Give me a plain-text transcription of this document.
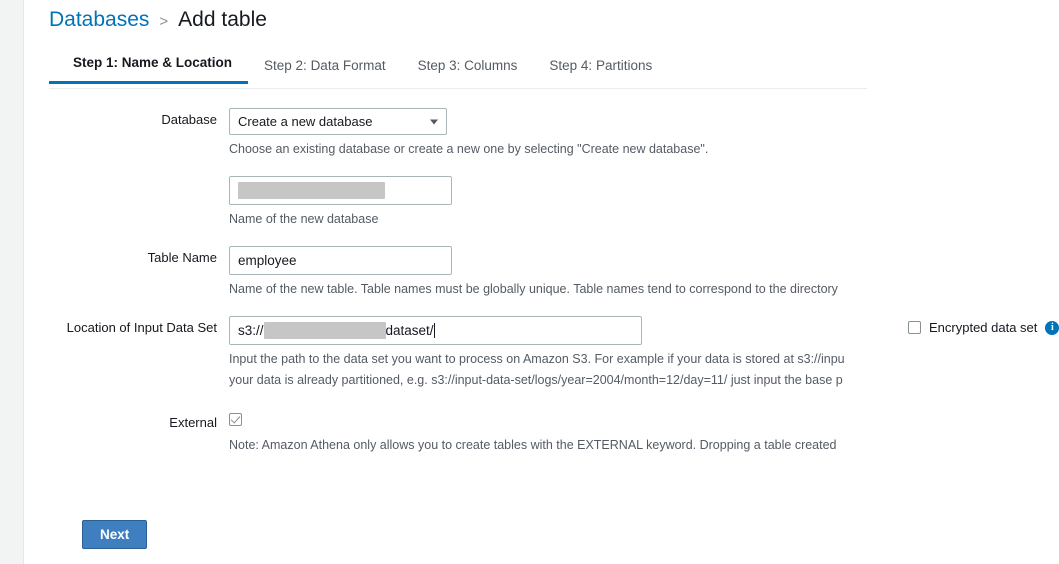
Databases > Add table
Step 1: Name & Location	Step 2: Data Format	Step 3: Columns	Step 4: Partitions
Database	Create a new database
Choose an existing database or create a new one by selecting "Create new database".
Name of the new database
Table Name	employee
Name of the new table. Table names must be globally unique. Table names tend to correspond to the directory
Location of Input Data Set	s3://	dataset/	Encrypted data set	i
Input the path to the data set you want to process on Amazon S3. For example if your data is stored at s3://inpu
your data is already partitioned, e.g. s3://input-data-set/logs/year=2004/month=12/day=11/ just input the base p
External
Note: Amazon Athena only allows you to create tables with the EXTERNAL keyword. Dropping a table created
Next
